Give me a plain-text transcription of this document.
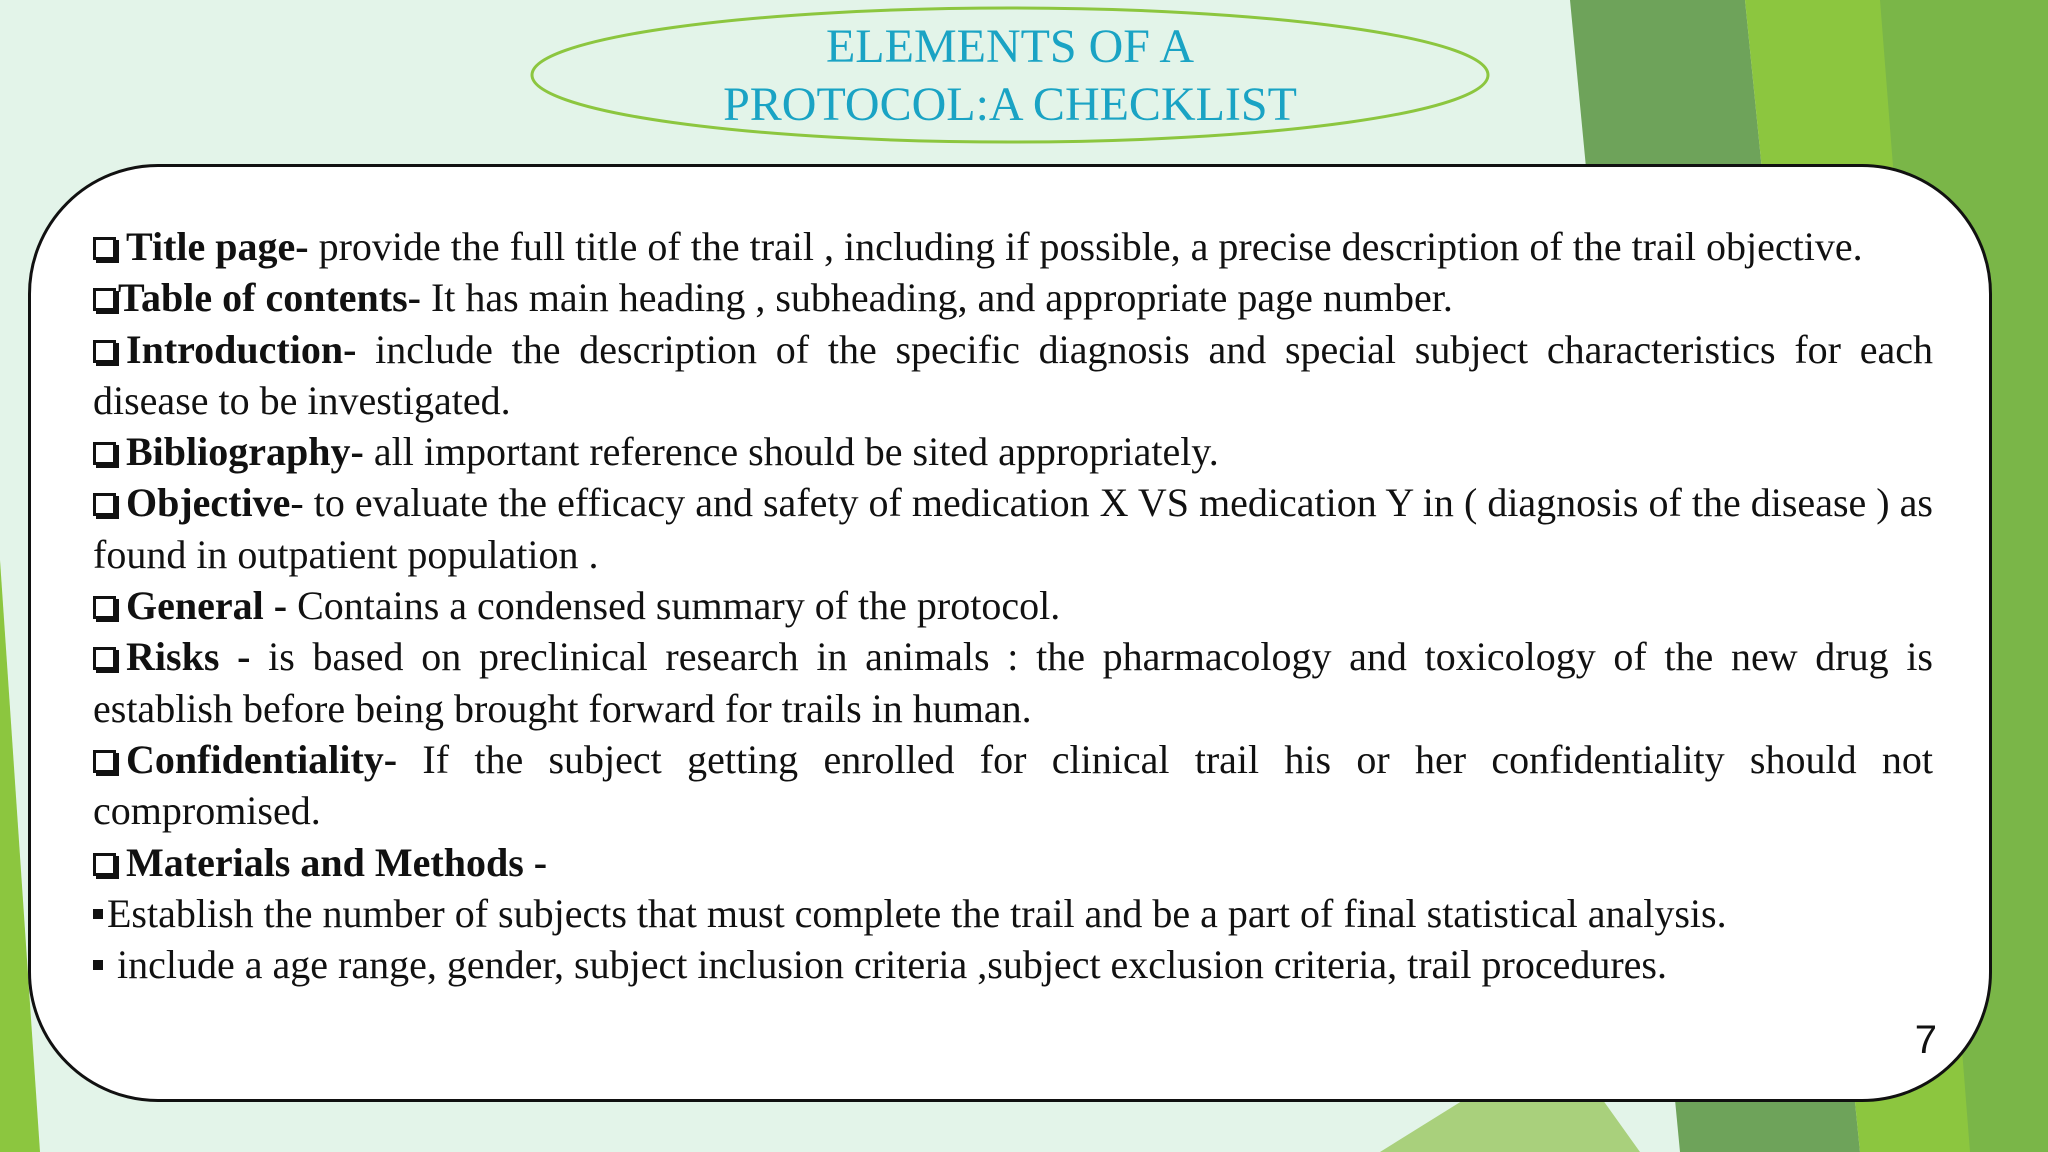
ELEMENTS OF A
PROTOCOL:A CHECKLIST

Title page- provide the full title of the trail , including if possible, a precise description of the trail objective.

Table of contents- It has main heading , subheading, and appropriate page number.

Introduction- include the description of the specific diagnosis and special subject characteristics for each disease to be investigated.

Bibliography- all important reference should be sited appropriately.

Objective- to evaluate the efficacy and safety of medication X VS medication Y in ( diagnosis of the disease ) as found in outpatient population .

General - Contains a condensed summary of the protocol.

Risks - is based on preclinical research in animals : the pharmacology and toxicology of the new drug is establish before being brought forward for trails in human.

Confidentiality- If the subject getting enrolled for clinical trail his or her confidentiality should not compromised.

Materials and Methods -

Establish the number of subjects that must complete the trail and be a part of final statistical analysis.

include a age range, gender, subject inclusion criteria ,subject exclusion criteria, trail procedures.

7
